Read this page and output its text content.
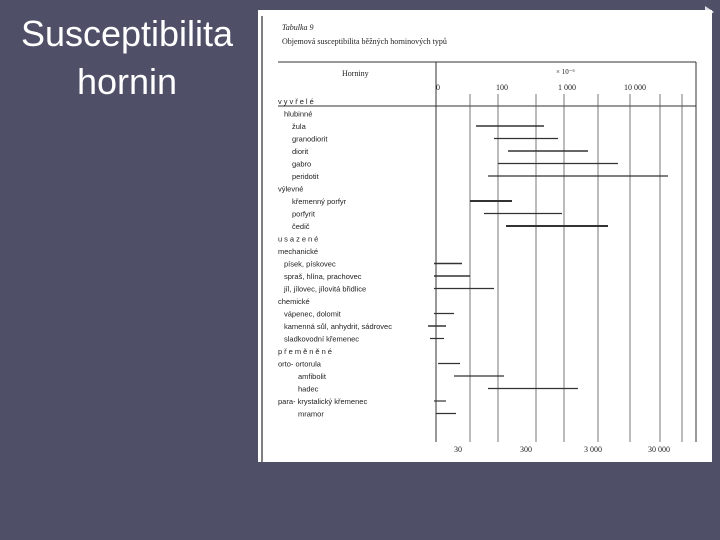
Susceptibilita hornin
Tabulka 9
Objemová susceptibilita běžných horninových typů
Horniny	× 10⁻⁶
0	100	1 000	10 000
30	300	3 000	30 000
vyvřelé
hlubinné
žula
granodiorit
diorit
gabro
peridotit
výlevné
křemenný porfyr
porfyrit
čedič
usazené
mechanické
písek, pískovec
spraš, hlína, prachovec
jíl, jílovec, jílovitá břidlice
chemické
vápenec, dolomit
kamenná sůl, anhydrit, sádrovec
sladkovodní křemenec
přeměněné
orto- ortorula
amfibolit
hadec
para- krystalický křemenec
mramor
